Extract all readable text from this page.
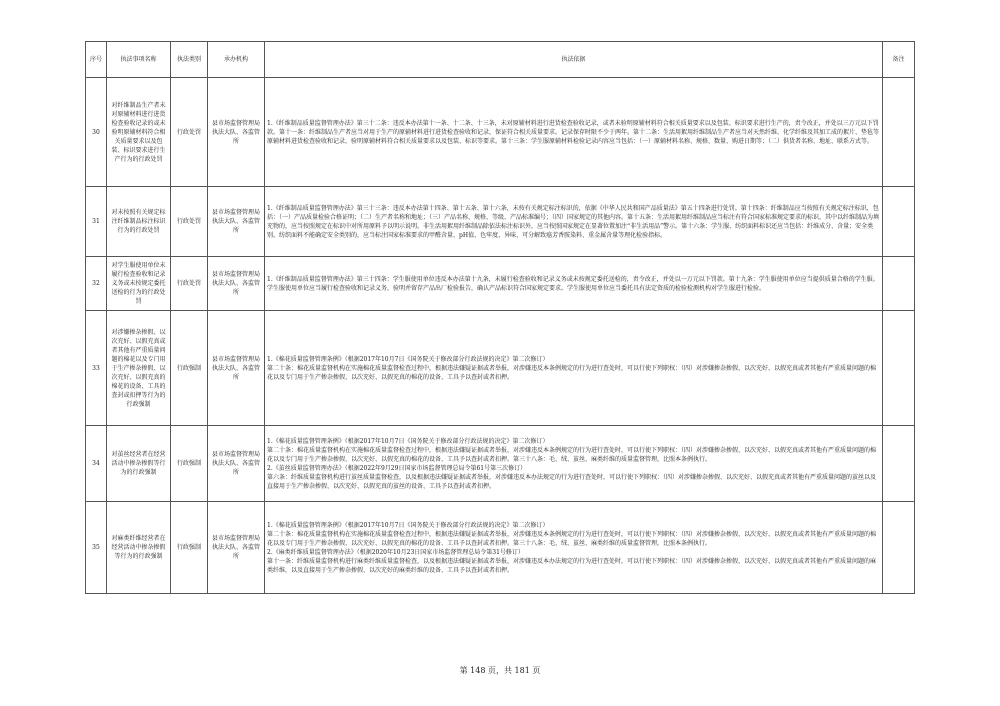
序号	执法事项名称	执法类别	承办机构	执法依据	备注
30	对纤维制品生产者未对原辅材料进行进货检查验收记录的或未验明原辅材料符合相关质量要求以及包装、标识要求进行生产行为的行政处罚	行政处罚	县市场监督管理局执法大队、各监管所	1.《纤维制品质量监督管理办法》第三十二条：违反本办法第十一条、十二条、十三条，未对原辅材料进行进货检查验收记录，或者未验明原辅材料符合相关质量要求以及包装、标识要求进行生产的，责令改正，并处以三万元以下罚款。第十一条：纤维制品生产者应当对用于生产的原辅材料进行进货检查验收和记录，保证符合相关质量要求。记录保存时限不少于两年。第十二条：生活用絮用纤维制品生产者应当对天然纤维、化学纤维及其加工成的絮片、垫毡等原辅材料进货检查验收和记录，验明原辅材料符合相关质量要求以及包装、标识等要求。第十三条：学生服原辅材料检验记录内容应当包括：（一）原辅材料名称、规格、数量、购进日期等；（二）供货者名称、地址、联系方式等。	

31	对未按照有关规定标注纤维制品标注标识行为的行政处罚	行政处罚	县市场监督管理局执法大队、各监管所	1.《纤维制品质量监督管理办法》第三十三条：违反本办法第十四条、第十五条、第十六条，未按有关规定标注标识的，依据《中华人民共和国产品质量法》第五十四条进行处罚。第十四条：纤维制品应当按照有关规定标注标识，包括：（一）产品质量检验合格证明；（二）生产者名称和地址；（三）产品名称、规格、等级、产品标准编号；（四）国家规定的其他内容。第十五条：生活用絮用纤维制品应当标注有符合国家标准规定要求的标识，其中以纤维制品为填充物的，应当按照规定在标识中对所用原料予以明示说明。非生活用絮用纤维制品除依法标注标识外，应当按照国家规定在显著位置加注“非生活用品”警示。第十六条：学生服、纺织面料标识还应当包括：纤维成分、含量；安全类别。纺织面料不能确定安全类别的，应当标注国家标准要求的甲醛含量、pH值、色牢度、异味、可分解致癌芳香胺染料、重金属含量等理化检验指标。	

32	对学生服使用单位未履行检查验收和记录义务或未按规定委托送检的行为的行政处罚	行政处罚	县市场监督管理局执法大队、各监管所	1.《纤维制品质量监督管理办法》第三十四条：学生服使用单位违反本办法第十九条，未履行检查验收和记录义务或未按规定委托送检的，责令改正，并处以一万元以下罚款。第十九条：学生服使用单位应当提供质量合格的学生服。学生服使用单位应当履行检查验收和记录义务，验明并留存产品出厂检验报告，确认产品标识符合国家规定要求。学生服使用单位应当委托具有法定资质的检验检测机构对学生服进行检验。	

33	对涉嫌掺杂掺假、以次充好、以假充真或者其他有严重质量问题的棉花以及专门用于生产掺杂掺假、以次充好、以假充真的棉花的设备、工具的查封或扣押等行为的行政强制	行政强制	县市场监督管理局执法大队、各监管所	1.《棉花质量监督管理条例》（根据2017年10月7日《国务院关于修改部分行政法规的决定》第二次修订）

第二十条：棉花质量监督机构在实施棉花质量监督检查过程中，根据违法嫌疑证据或者举报，对涉嫌违反本条例规定的行为进行查处时，可以行使下列职权：（四）对涉嫌掺杂掺假、以次充好、以假充真或者其他有严重质量问题的棉花以及专门用于生产掺杂掺假、以次充好、以假充真的棉花的设备、工具予以查封或者扣押。	

34	对茧丝经营者在经营活动中掺杂掺假等行为的行政强制	行政强制	县市场监督管理局执法大队、各监管所	1.《棉花质量监督管理条例》（根据2017年10月7日《国务院关于修改部分行政法规的决定》第二次修订）

第二十条：棉花质量监督机构在实施棉花质量监督检查过程中，根据违法嫌疑证据或者举报，对涉嫌违反本条例规定的行为进行查处时，可以行使下列职权：（四）对涉嫌掺杂掺假、以次充好、以假充真或者其他有严重质量问题的棉花以及专门用于生产掺杂掺假、以次充好、以假充真的棉花的设备、工具予以查封或者扣押。第三十八条：毛、绒、茧丝、麻类纤维的质量监督管理，比照本条例执行。

2.《茧丝质量监督管理办法》（根据2022年9月29日国家市场监督管理总局令第61号第三次修订）

第六条：纤维质量监督机构进行茧丝质量监督检查，以及根据违法嫌疑证据或者举报，对涉嫌违反本办法规定的行为进行查处时，可以行使下列职权：（四）对涉嫌掺杂掺假、以次充好、以假充真或者其他有严重质量问题的茧丝以及直接用于生产掺杂掺假、以次充好、以假充真的茧丝的设备、工具予以查封或者扣押。	

35	对麻类纤维经营者在经营活动中掺杂掺假等行为的行政强制	行政强制	县市场监督管理局执法大队、各监管所	1.《棉花质量监督管理条例》（根据2017年10月7日《国务院关于修改部分行政法规的决定》第二次修订）

第二十条：棉花质量监督机构在实施棉花质量监督检查过程中，根据违法嫌疑证据或者举报，对涉嫌违反本条例规定的行为进行查处时，可以行使下列职权：（四）对涉嫌掺杂掺假、以次充好、以假充真或者其他有严重质量问题的棉花以及专门用于生产掺杂掺假、以次充好、以假充真的棉花的设备、工具予以查封或者扣押。第三十八条：毛、绒、茧丝、麻类纤维的质量监督管理，比照本条例执行。

2.《麻类纤维质量监督管理办法》（根据2020年10月23日国家市场监督管理总局令第31号修订）

第十一条：纤维质量监督机构进行麻类纤维质量监督检查，以及根据违法嫌疑证据或者举报，对涉嫌违反本办法规定的行为进行查处时，可以行使下列职权：（四）对涉嫌掺杂掺假、以次充好、以假充真或者其他有严重质量问题的麻类纤维，以及直接用于生产掺杂掺假、以次充好的麻类纤维的设备、工具予以查封或者扣押。	

第 148 页，共 181 页
